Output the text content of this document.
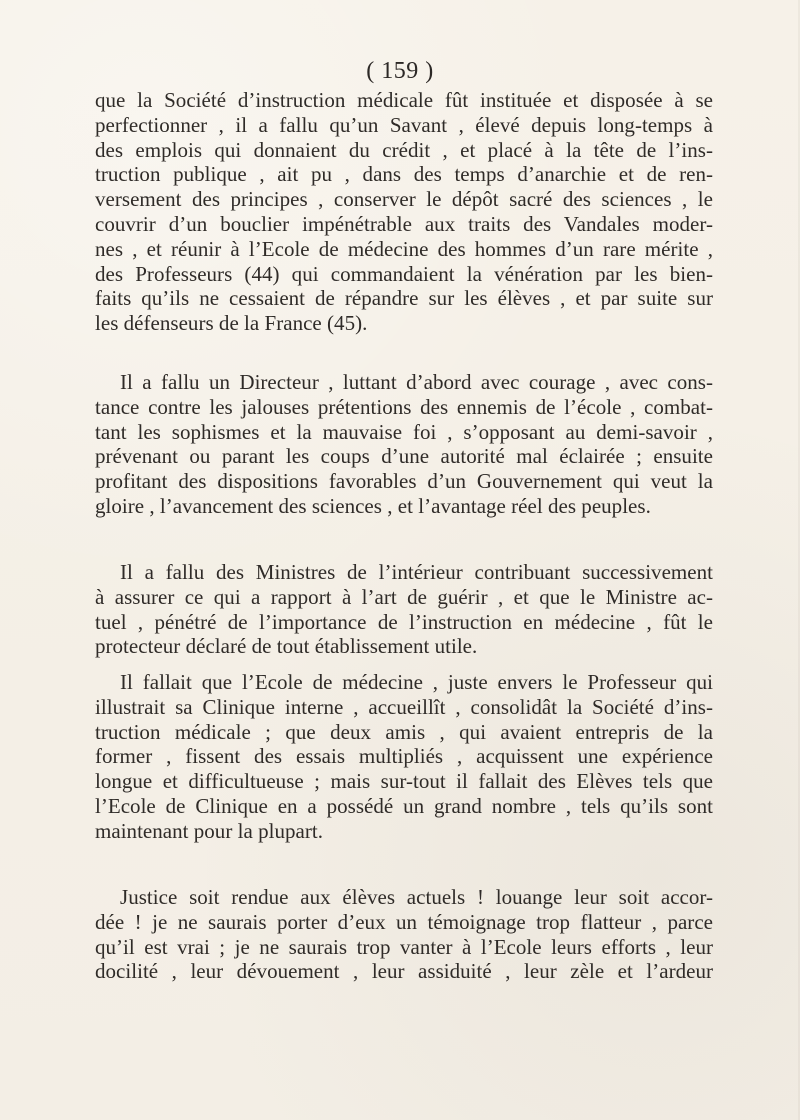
( 159 )
que la Société d’instruction médicale fût instituée et disposée à se
perfectionner , il a fallu qu’un Savant , élevé depuis long-temps à
des emplois qui donnaient du crédit , et placé à la tête de l’ins-
truction publique , ait pu , dans des temps d’anarchie et de ren-
versement des principes , conserver le dépôt sacré des sciences , le
couvrir d’un bouclier impénétrable aux traits des Vandales moder-
nes , et réunir à l’Ecole de médecine des hommes d’un rare mérite ,
des Professeurs (44) qui commandaient la vénération par les bien-
faits qu’ils ne cessaient de répandre sur les élèves , et par suite sur
les défenseurs de la France (45).
Il a fallu un Directeur , luttant d’abord avec courage , avec cons-
tance contre les jalouses prétentions des ennemis de l’école , combat-
tant les sophismes et la mauvaise foi , s’opposant au demi-savoir ,
prévenant ou parant les coups d’une autorité mal éclairée ; ensuite
profitant des dispositions favorables d’un Gouvernement qui veut la
gloire , l’avancement des sciences , et l’avantage réel des peuples.
Il a fallu des Ministres de l’intérieur contribuant successivement
à assurer ce qui a rapport à l’art de guérir , et que le Ministre ac-
tuel , pénétré de l’importance de l’instruction en médecine , fût le
protecteur déclaré de tout établissement utile.
Il fallait que l’Ecole de médecine , juste envers le Professeur qui
illustrait sa Clinique interne , accueillît , consolidât la Société d’ins-
truction médicale ; que deux amis , qui avaient entrepris de la
former , fissent des essais multipliés , acquissent une expérience
longue et difficultueuse ; mais sur-tout il fallait des Elèves tels que
l’Ecole de Clinique en a possédé un grand nombre , tels qu’ils sont
maintenant pour la plupart.
Justice soit rendue aux élèves actuels ! louange leur soit accor-
dée ! je ne saurais porter d’eux un témoignage trop flatteur , parce
qu’il est vrai ; je ne saurais trop vanter à l’Ecole leurs efforts , leur
docilité , leur dévouement , leur assiduité , leur zèle et l’ardeur
